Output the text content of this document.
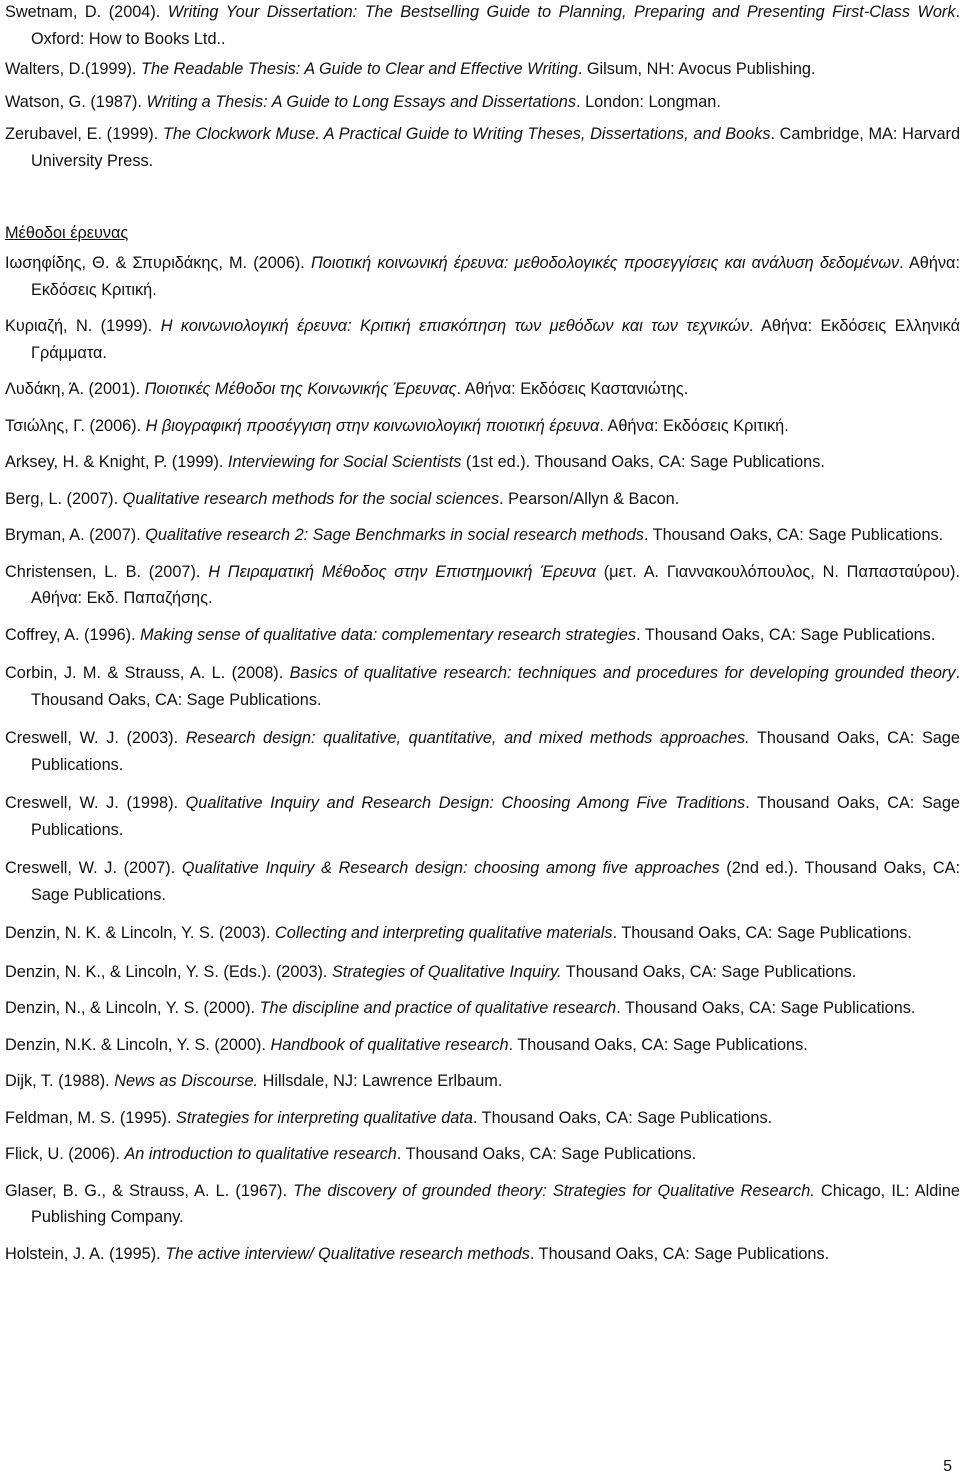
Swetnam, D. (2004). Writing Your Dissertation: The Bestselling Guide to Planning, Preparing and Presenting First-Class Work. Oxford: How to Books Ltd..

Walters, D.(1999). The Readable Thesis: A Guide to Clear and Effective Writing. Gilsum, NH: Avocus Publishing.

Watson, G. (1987). Writing a Thesis: A Guide to Long Essays and Dissertations. London: Longman.

Zerubavel, E. (1999). The Clockwork Muse. A Practical Guide to Writing Theses, Dissertations, and Books. Cambridge, MA: Harvard University Press.

Μέθοδοι έρευνας

Ιωσηφίδης, Θ. & Σπυριδάκης, Μ. (2006). Ποιοτική κοινωνική έρευνα: μεθοδολογικές προσεγγίσεις και ανάλυση δεδομένων. Αθήνα: Εκδόσεις Κριτική.

Κυριαζή, Ν. (1999). Η κοινωνιολογική έρευνα: Κριτική επισκόπηση των μεθόδων και των τεχνικών. Αθήνα: Εκδόσεις Ελληνικά Γράμματα.

Λυδάκη, Ά. (2001). Ποιοτικές Μέθοδοι της Κοινωνικής Έρευνας. Αθήνα: Εκδόσεις Καστανιώτης.

Τσιώλης, Γ. (2006). Η βιογραφική προσέγγιση στην κοινωνιολογική ποιοτική έρευνα. Αθήνα: Εκδόσεις Κριτική.

Arksey, H. & Knight, P. (1999). Interviewing for Social Scientists (1st ed.). Thousand Oaks, CA: Sage Publications.

Berg, L. (2007). Qualitative research methods for the social sciences. Pearson/Allyn & Bacon.

Bryman, A. (2007). Qualitative research 2: Sage Benchmarks in social research methods. Thousand Oaks, CA: Sage Publications.

Christensen, L. B. (2007). Η Πειραματική Μέθοδος στην Επιστημονική Έρευνα (μετ. Α. Γιαννακουλόπουλος, Ν. Παπασταύρου). Αθήνα: Εκδ. Παπαζήσης.

Coffrey, A. (1996). Making sense of qualitative data: complementary research strategies. Thousand Oaks, CA: Sage Publications.

Corbin, J. M. & Strauss, A. L. (2008). Basics of qualitative research: techniques and procedures for developing grounded theory. Thousand Oaks, CA: Sage Publications.

Creswell, W. J. (2003). Research design: qualitative, quantitative, and mixed methods approaches. Thousand Oaks, CA: Sage Publications.

Creswell, W. J. (1998). Qualitative Inquiry and Research Design: Choosing Among Five Traditions. Thousand Oaks, CA: Sage Publications.

Creswell, W. J. (2007). Qualitative Inquiry & Research design: choosing among five approaches (2nd ed.). Thousand Oaks, CA: Sage Publications.

Denzin, N. K. & Lincoln, Y. S. (2003). Collecting and interpreting qualitative materials. Thousand Oaks, CA: Sage Publications.

Denzin, N. K., & Lincoln, Y. S. (Eds.). (2003). Strategies of Qualitative Inquiry. Thousand Oaks, CA: Sage Publications.

Denzin, N., & Lincoln, Y. S. (2000). The discipline and practice of qualitative research. Thousand Oaks, CA: Sage Publications.

Denzin, N.K. & Lincoln, Y. S. (2000). Handbook of qualitative research. Thousand Oaks, CA: Sage Publications.

Dijk, T. (1988). News as Discourse. Hillsdale, NJ: Lawrence Erlbaum.

Feldman, M. S. (1995). Strategies for interpreting qualitative data. Thousand Oaks, CA: Sage Publications.

Flick, U. (2006). An introduction to qualitative research. Thousand Oaks, CA: Sage Publications.

Glaser, B. G., & Strauss, A. L. (1967). The discovery of grounded theory: Strategies for Qualitative Research. Chicago, IL: Aldine Publishing Company.

Holstein, J. A. (1995). The active interview/ Qualitative research methods. Thousand Oaks, CA: Sage Publications.

5
